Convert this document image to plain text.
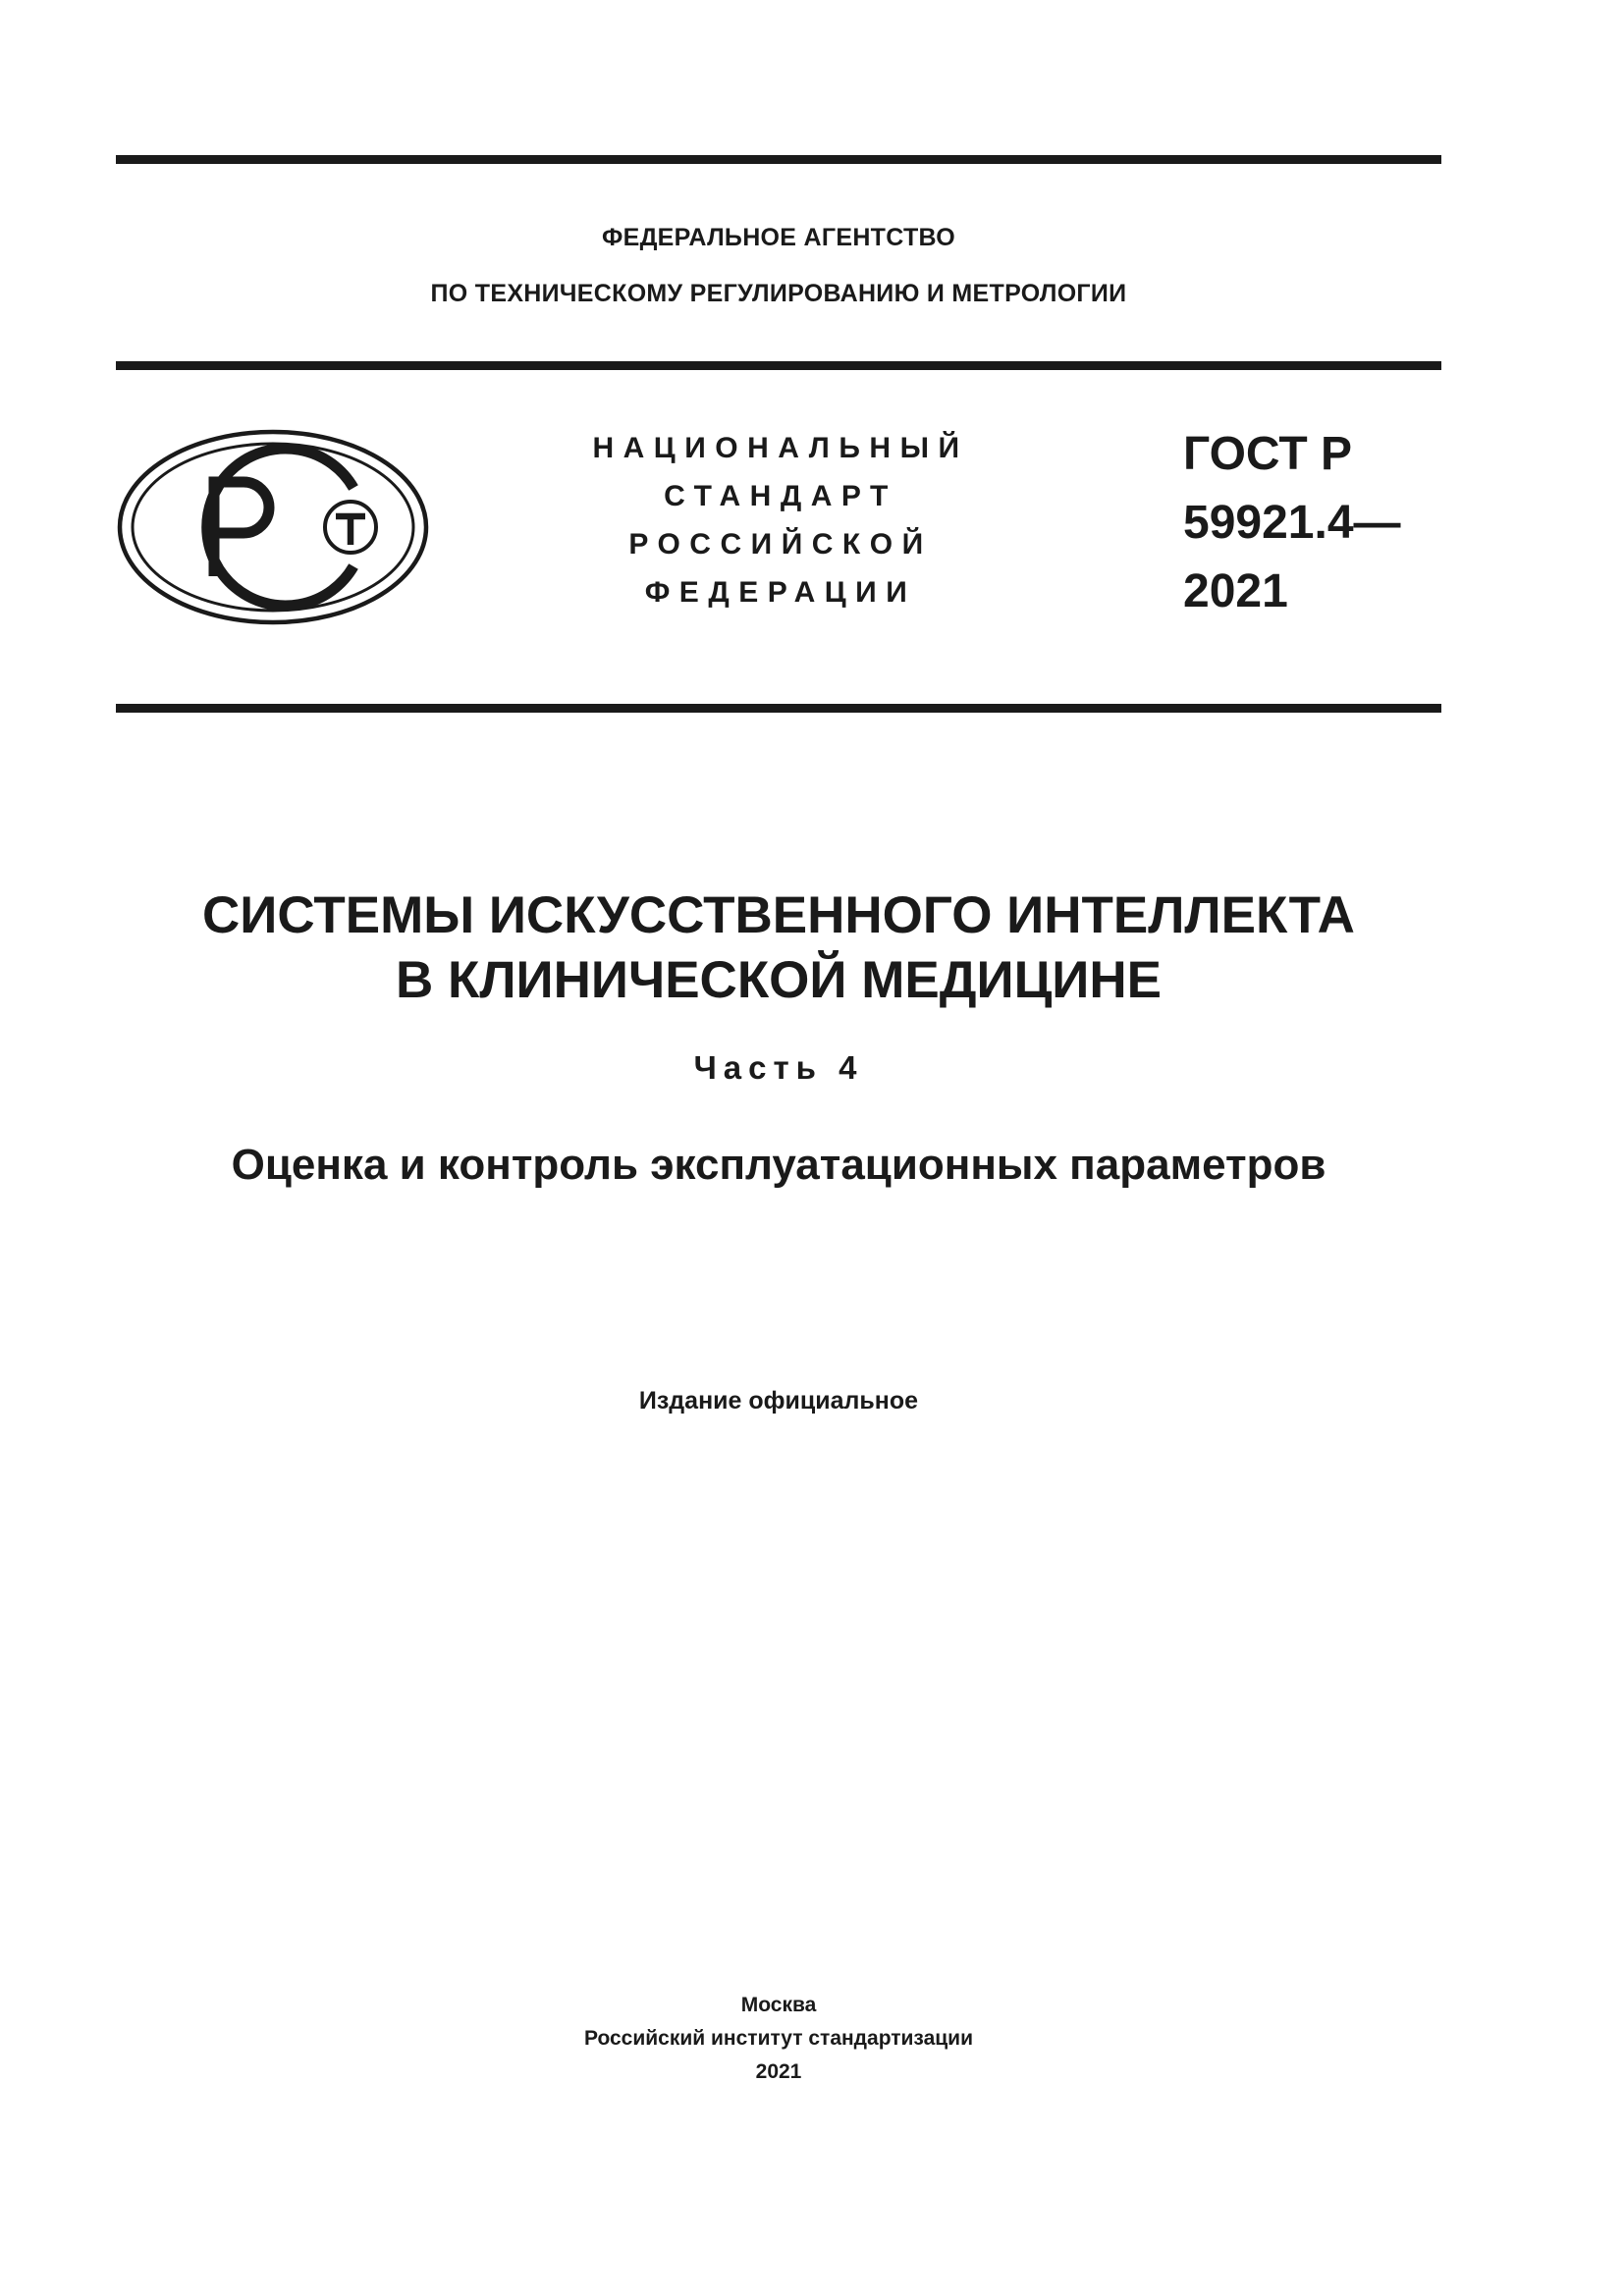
ФЕДЕРАЛЬНОЕ АГЕНТСТВО
ПО ТЕХНИЧЕСКОМУ РЕГУЛИРОВАНИЮ И МЕТРОЛОГИИ
НАЦИОНАЛЬНЫЙ
СТАНДАРТ
РОССИЙСКОЙ
ФЕДЕРАЦИИ
ГОСТ Р
59921.4—
2021
СИСТЕМЫ ИСКУССТВЕННОГО ИНТЕЛЛЕКТА
В КЛИНИЧЕСКОЙ МЕДИЦИНЕ
Часть 4
Оценка и контроль эксплуатационных параметров
Издание официальное
Москва
Российский институт стандартизации
2021
